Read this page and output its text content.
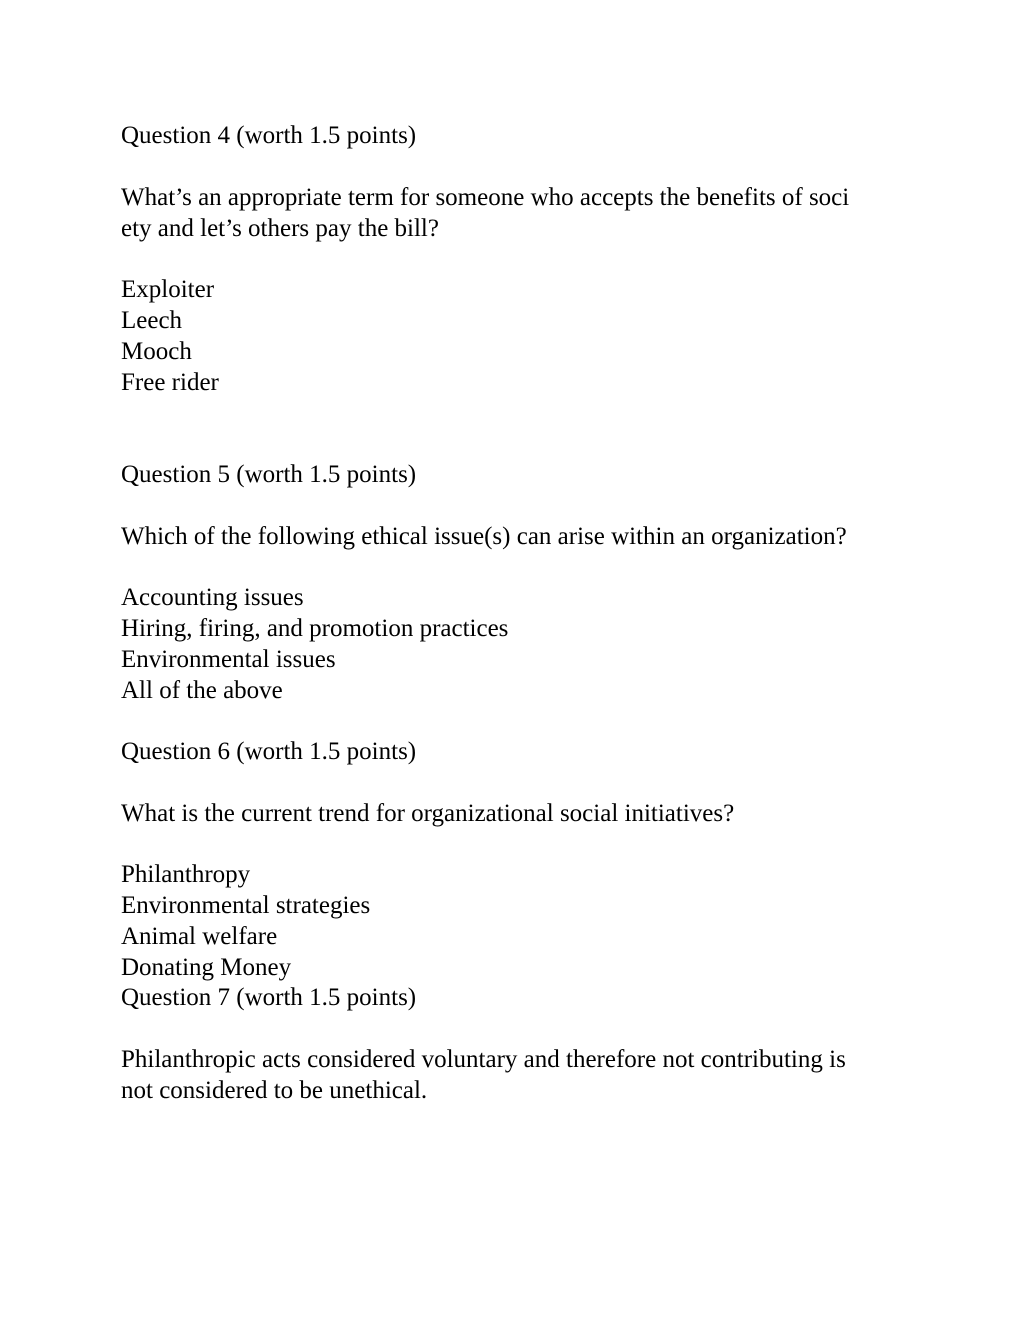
Question 4 (worth 1.5 points)

What’s an appropriate term for someone who accepts the benefits of soci

ety and let’s others pay the bill?

Exploiter

Leech

Mooch

Free rider

Question 5 (worth 1.5 points)

Which of the following ethical issue(s) can arise within an organization?

Accounting issues

Hiring, firing, and promotion practices

Environmental issues

All of the above

Question 6 (worth 1.5 points)

What is the current trend for organizational social initiatives?

Philanthropy

Environmental strategies

Animal welfare

Donating Money

Question 7 (worth 1.5 points)

Philanthropic acts considered voluntary and therefore not contributing is

not considered to be unethical.
